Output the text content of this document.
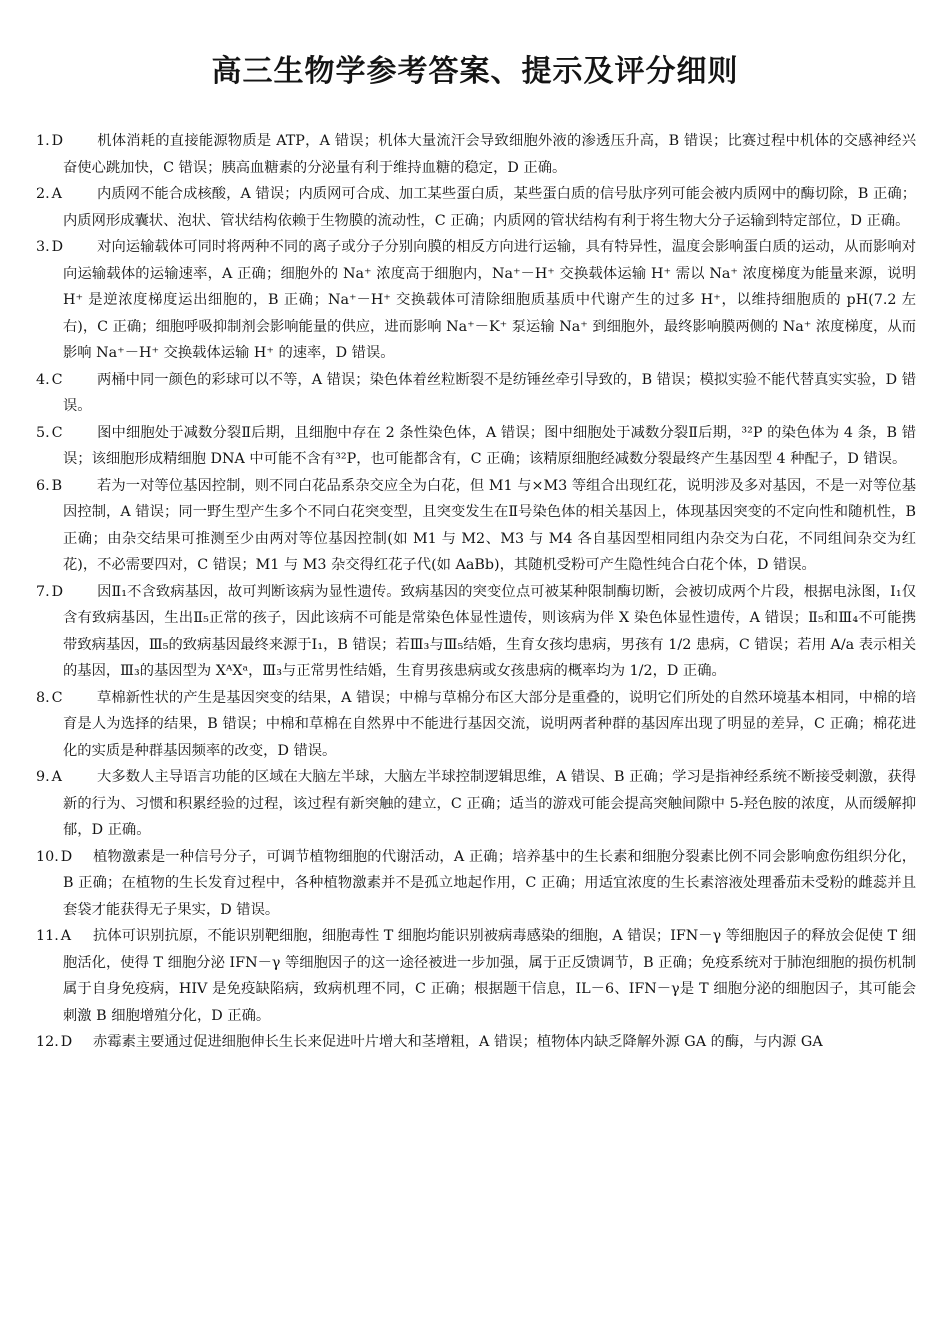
高三生物学参考答案、提示及评分细则

1. D 机体消耗的直接能源物质是 ATP，A 错误；机体大量流汗会导致细胞外液的渗透压升高，B 错误；比赛过程中机体的交感神经兴奋使心跳加快，C 错误；胰高血糖素的分泌量有利于维持血糖的稳定，D 正确。

2. A 内质网不能合成核酸，A 错误；内质网可合成、加工某些蛋白质，某些蛋白质的信号肽序列可能会被内质网中的酶切除，B 正确；内质网形成囊状、泡状、管状结构依赖于生物膜的流动性，C 正确；内质网的管状结构有利于将生物大分子运输到特定部位，D 正确。

3. D 对向运输载体可同时将两种不同的离子或分子分别向膜的相反方向进行运输，具有特异性，温度会影响蛋白质的运动，从而影响对向运输载体的运输速率，A 正确；细胞外的 Na⁺ 浓度高于细胞内，Na⁺－H⁺ 交换载体运输 H⁺ 需以 Na⁺ 浓度梯度为能量来源，说明 H⁺ 是逆浓度梯度运出细胞的，B 正确；Na⁺－H⁺ 交换载体可清除细胞质基质中代谢产生的过多 H⁺，以维持细胞质的 pH(7.2 左右)，C 正确；细胞呼吸抑制剂会影响能量的供应，进而影响 Na⁺－K⁺ 泵运输 Na⁺ 到细胞外，最终影响膜两侧的 Na⁺ 浓度梯度，从而影响 Na⁺－H⁺ 交换载体运输 H⁺ 的速率，D 错误。

4. C 两桶中同一颜色的彩球可以不等，A 错误；染色体着丝粒断裂不是纺锤丝牵引导致的，B 错误；模拟实验不能代替真实实验，D 错误。

5. C 图中细胞处于减数分裂Ⅱ后期，且细胞中存在 2 条性染色体，A 错误；图中细胞处于减数分裂Ⅱ后期，³²P 的染色体为 4 条，B 错误；该细胞形成精细胞 DNA 中可能不含有³²P，也可能都含有，C 正确；该精原细胞经减数分裂最终产生基因型 4 种配子，D 错误。

6. B 若为一对等位基因控制，则不同白花品系杂交应全为白花，但 M1 与×M3 等组合出现红花，说明涉及多对基因，不是一对等位基因控制，A 错误；同一野生型产生多个不同白花突变型，且突变发生在Ⅱ号染色体的相关基因上，体现基因突变的不定向性和随机性，B 正确；由杂交结果可推测至少由两对等位基因控制(如 M1 与 M2、M3 与 M4 各自基因型相同组内杂交为白花，不同组间杂交为红花)，不必需要四对，C 错误；M1 与 M3 杂交得红花子代(如 AaBb)，其随机受粉可产生隐性纯合白花个体，D 错误。

7. D 因Ⅱ₁不含致病基因，故可判断该病为显性遗传。致病基因的突变位点可被某种限制酶切断，会被切成两个片段，根据电泳图，Ⅰ₁仅含有致病基因，生出Ⅱ₅正常的孩子，因此该病不可能是常染色体显性遗传，则该病为伴 X 染色体显性遗传，A 错误；Ⅱ₅和Ⅲ₄不可能携带致病基因，Ⅲ₅的致病基因最终来源于Ⅰ₁，B 错误；若Ⅲ₃与Ⅲ₅结婚，生育女孩均患病，男孩有 1/2 患病，C 错误；若用 A/a 表示相关的基因，Ⅲ₃的基因型为 XᴬXᵃ，Ⅲ₃与正常男性结婚，生育男孩患病或女孩患病的概率均为 1/2，D 正确。

8. C 草棉新性状的产生是基因突变的结果，A 错误；中棉与草棉分布区大部分是重叠的，说明它们所处的自然环境基本相同，中棉的培育是人为选择的结果，B 错误；中棉和草棉在自然界中不能进行基因交流，说明两者种群的基因库出现了明显的差异，C 正确；棉花进化的实质是种群基因频率的改变，D 错误。

9. A 大多数人主导语言功能的区域在大脑左半球，大脑左半球控制逻辑思维，A 错误、B 正确；学习是指神经系统不断接受刺激，获得新的行为、习惯和积累经验的过程，该过程有新突触的建立，C 正确；适当的游戏可能会提高突触间隙中 5-羟色胺的浓度，从而缓解抑郁，D 正确。

10. D 植物激素是一种信号分子，可调节植物细胞的代谢活动，A 正确；培养基中的生长素和细胞分裂素比例不同会影响愈伤组织分化，B 正确；在植物的生长发育过程中，各种植物激素并不是孤立地起作用，C 正确；用适宜浓度的生长素溶液处理番茄未受粉的雌蕊并且套袋才能获得无子果实，D 错误。

11. A 抗体可识别抗原，不能识别靶细胞，细胞毒性 T 细胞均能识别被病毒感染的细胞，A 错误；IFN－γ 等细胞因子的释放会促使 T 细胞活化，使得 T 细胞分泌 IFN－γ 等细胞因子的这一途径被进一步加强，属于正反馈调节，B 正确；免疫系统对于肺泡细胞的损伤机制属于自身免疫病，HIV 是免疫缺陷病，致病机理不同，C 正确；根据题干信息，IL－6、IFN－γ是 T 细胞分泌的细胞因子，其可能会刺激 B 细胞增殖分化，D 正确。

12. D 赤霉素主要通过促进细胞伸长生长来促进叶片增大和茎增粗，A 错误；植物体内缺乏降解外源 GA 的酶，与内源 GA
